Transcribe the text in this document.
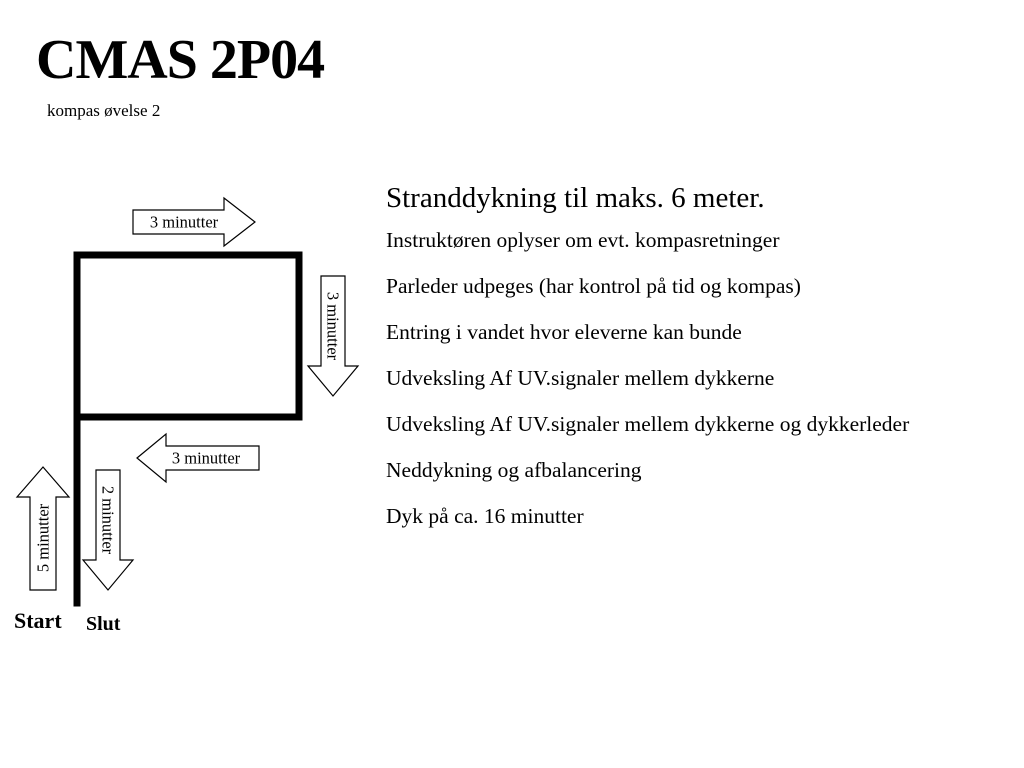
CMAS 2P04
kompas øvelse 2
5 minutter
3 minutter
3 minutter
3 minutter
2 minutter
Start Slut
Stranddykning til maks. 6 meter.
Instruktøren oplyser om evt. kompasretninger
Parleder udpeges (har kontrol på tid og kompas)
Entring i vandet hvor eleverne kan bunde
Udveksling Af UV.signaler mellem dykkerne
Udveksling Af UV.signaler mellem dykkerne og dykkerleder
Neddykning og afbalancering
Dyk på ca. 16 minutter
